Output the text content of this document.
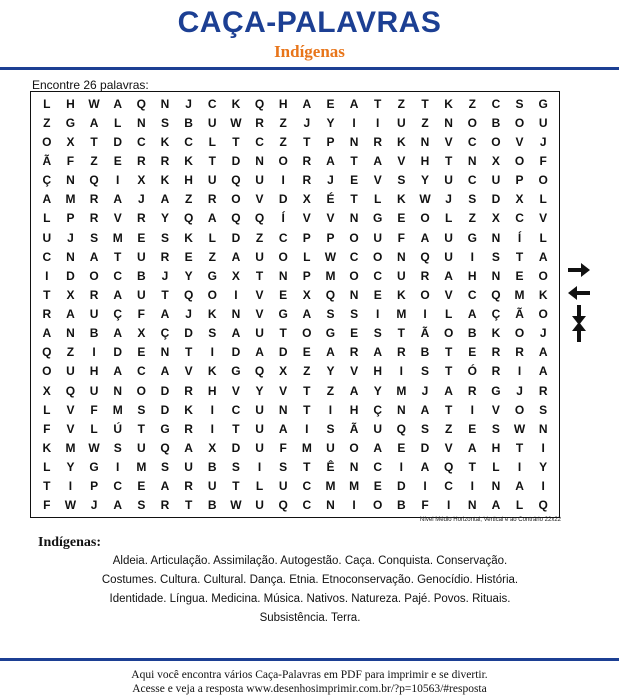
CAÇA-PALAVRAS
Indígenas
Encontre 26 palavras:
L	H	W	A	Q	N	J	C	K	Q	H	A	E	A	T	Z	T	K	Z	C	S	G
Z	G	A	L	N	S	B	U	W	R	Z	J	Y	I	I	U	Z	N	O	B	O	U
O	X	T	D	C	K	C	L	T	C	Z	T	P	N	R	K	N	V	C	O	V	J
Ã	F	Z	E	R	R	K	T	D	N	O	R	A	T	A	V	H	T	N	X	O	F
Ç	N	Q	I	X	K	H	U	Q	U	I	R	J	E	V	S	Y	U	C	U	P	O
A	M	R	A	J	A	Z	R	O	V	D	X	É	T	L	K	W	J	S	D	X	L
L	P	R	V	R	Y	Q	A	Q	Q	Í	V	V	N	G	E	O	L	Z	X	C	V
U	J	S	M	E	S	K	L	D	Z	C	P	P	O	U	F	A	U	G	N	Í	L
C	N	A	T	U	R	E	Z	A	U	O	L	W	C	O	N	Q	U	I	S	T	A
I	D	O	C	B	J	Y	G	X	T	N	P	M	O	C	U	R	A	H	N	E	O
T	X	R	A	U	T	Q	O	I	V	E	X	Q	N	E	K	O	V	C	Q	M	K
R	A	U	Ç	F	A	J	K	N	V	G	A	S	S	I	M	I	L	A	Ç	Ã	O
A	N	B	A	X	Ç	D	S	A	U	T	O	G	E	S	T	Ã	O	B	K	O	J
Q	Z	I	D	E	N	T	I	D	A	D	E	A	R	A	R	B	T	E	R	R	A
O	U	H	A	C	A	V	K	G	Q	X	Z	Y	V	H	I	S	T	Ó	R	I	A
X	Q	U	N	O	D	R	H	V	Y	V	T	Z	A	Y	M	J	A	R	G	J	R
L	V	F	M	S	D	K	I	C	U	N	T	I	H	Ç	N	A	T	I	V	O	S
F	V	L	Ú	T	G	R	I	T	U	A	I	S	Ã	U	Q	S	Z	E	S	W	N
K	M	W	S	U	Q	A	X	D	U	F	M	U	O	A	E	D	V	A	H	T	I
L	Y	G	I	M	S	U	B	S	I	S	T	Ê	N	C	I	A	Q	T	L	I	Y
T	I	P	C	E	A	R	U	T	L	U	C	M	M	E	D	I	C	I	N	A	I
F	W	J	A	S	R	T	B	W	U	Q	C	N	I	O	B	F	I	N	A	L	Q
Nível Médio Horizontal, Vertical e ao Contrário 22x22
Indígenas:
Aldeia. Articulação. Assimilação. Autogestão. Caça. Conquista. Conservação.
Costumes. Cultura. Cultural. Dança. Etnia. Etnoconservação. Genocídio. História.
Identidade. Língua. Medicina. Música. Nativos. Natureza. Pajé. Povos. Rituais.
Subsistência. Terra.
Aqui você encontra vários Caça-Palavras em PDF para imprimir e se divertir.
Acesse e veja a resposta www.desenhosimprimir.com.br/?p=10563/#resposta
